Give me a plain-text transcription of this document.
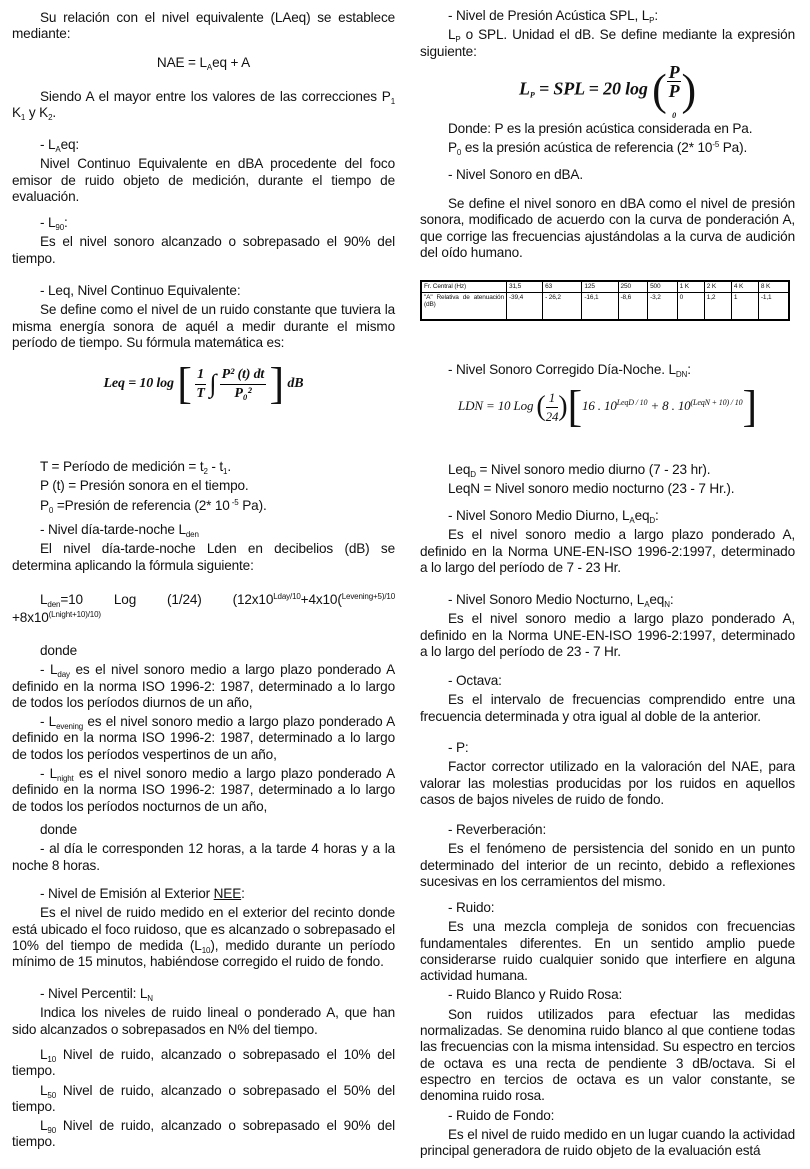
Su relación con el nivel equivalente (LAeq) se establece mediante:
NAE = $L_Aeq + A$
Siendo A el mayor entre los valores de las correcciones $P_1$ $K_1$ y $K_2$.
- $L_Aeq$:
Nivel Continuo Equivalente en dBA procedente del foco emisor de ruido objeto de medición, durante el tiempo de evaluación.
- $L_{90}$:
Es el nivel sonoro alcanzado o sobrepasado el 90% del tiempo.
- Leq, Nivel Continuo Equivalente:
Se define como el nivel de un ruido constante que tuviera la misma energía sonora de aquél a medir durante el mismo período de tiempo. Su fórmula matemática es:
Leq = 10 log [ $\frac{1}{T}$ ∫ $\frac{\text{P² (t) dt}}{\text{P₀²}}$ ] dB
T = Período de medición = $t_2 - t_1$.
P (t) = Presión sonora en el tiempo.
$P_0$ =Presión de referencia (2* 10 $^{-5}$ Pa).
- Nivel día-tarde-noche $L_{den}$
El nivel día-tarde-noche Lden en decibelios (dB) se determina aplicando la fórmula siguiente:
$L_{den}=10$ Log (1/24) ($12x10^{Lday/10}+4x10(^{Levening+5)/10} +8x10^{(Lnight+10)/10)}$
donde
- $L_{day}$ es el nivel sonoro medio a largo plazo ponderado A definido en la norma ISO 1996-2: 1987, determinado a lo largo de todos los períodos diurnos de un año,
- $L_{evening}$ es el nivel sonoro medio a largo plazo ponderado A definido en la norma ISO 1996-2: 1987, determinado a lo largo de todos los períodos vespertinos de un año,
- $L_{night}$ es el nivel sonoro medio a largo plazo ponderado A definido en la norma ISO 1996-2: 1987, determinado a lo largo de todos los períodos nocturnos de un año,
donde
- al día le corresponden 12 horas, a la tarde 4 horas y a la noche 8 horas.
- Nivel de Emisión al Exterior NEE:
Es el nivel de ruido medido en el exterior del recinto donde está ubicado el foco ruidoso, que es alcanzado o sobrepasado el 10% del tiempo de medida $(L_{10})$, medido durante un período mínimo de 15 minutos, habiéndose corregido el ruido de fondo.
- Nivel Percentil: $L_N$
Indica los niveles de ruido lineal o ponderado A, que han sido alcanzados o sobrepasados en N% del tiempo.
$L_{10}$ Nivel de ruido, alcanzado o sobrepasado el 10% del tiempo.
$L_{50}$ Nivel de ruido, alcanzado o sobrepasado el 50% del tiempo.
$L_{90}$ Nivel de ruido, alcanzado o sobrepasado el 90% del tiempo.
- Nivel de Presión Acústica SPL, $L_P$:
$L_P$ o SPL. Unidad el dB. Se define mediante la expresión siguiente:
$L_P$ = SPL = 20 log ( P
P
$_0$ )
Donde: P es la presión acústica considerada en Pa.
$P_0$ es la presión acústica de referencia (2* $10^{-5}$ Pa).
- Nivel Sonoro en dBA.
Se define el nivel sonoro en dBA como el nivel de presión sonora, modificado de acuerdo con la curva de ponderación A, que corrige las frecuencias ajustándolas a la curva de audición del oído humano.
Fr. Central (Hz)	31,5	63	125	250	500	1 K	2 K	4 K	8 K
"A" Relativa de atenuación (dB)	-39,4	- 26,2	-16,1	-8,6	-3,2	0	1,2	1	-1,1
- Nivel Sonoro Corregido Día-Noche. $L_{DN}$:
LDN = 10 Log ( $\frac{1}{24} )[16$ . $10^{LeqD / 10} + 8$ . $10^{(LeqN + 10) / 10}$]
Leq$_D$ = Nivel sonoro medio diurno (7 - 23 hr).
LeqN = Nivel sonoro medio nocturno (23 - 7 Hr.).
- Nivel Sonoro Medio Diurno, $L_Aeq_D$:
Es el nivel sonoro medio a largo plazo ponderado A, definido en la Norma UNE-EN-ISO 1996-2:1997, determinado a lo largo del período de 7 - 23 Hr.
- Nivel Sonoro Medio Nocturno, $L_Aeq_N$:
Es el nivel sonoro medio a largo plazo ponderado A, definido en la Norma UNE-EN-ISO 1996-2:1997, determinado a lo largo del período de 23 - 7 Hr.
- Octava:
Es el intervalo de frecuencias comprendido entre una frecuencia determinada y otra igual al doble de la anterior.
- P:
Factor corrector utilizado en la valoración del NAE, para valorar las molestias producidas por los ruidos en aquellos casos de bajos niveles de ruido de fondo.
- Reverberación:
Es el fenómeno de persistencia del sonido en un punto determinado del interior de un recinto, debido a reflexiones sucesivas en los cerramientos del mismo.
- Ruido:
Es una mezcla compleja de sonidos con frecuencias fundamentales diferentes. En un sentido amplio puede considerarse ruido cualquier sonido que interfiere en alguna actividad humana.
- Ruido Blanco y Ruido Rosa:
Son ruidos utilizados para efectuar las medidas normalizadas. Se denomina ruido blanco al que contiene todas las frecuencias con la misma intensidad. Su espectro en tercios de octava es una recta de pendiente 3 dB/octava. Si el espectro en tercios de octava es un valor constante, se denomina ruido rosa.
- Ruido de Fondo:
Es el nivel de ruido medido en un lugar cuando la actividad principal generadora de ruido objeto de la evaluación está
